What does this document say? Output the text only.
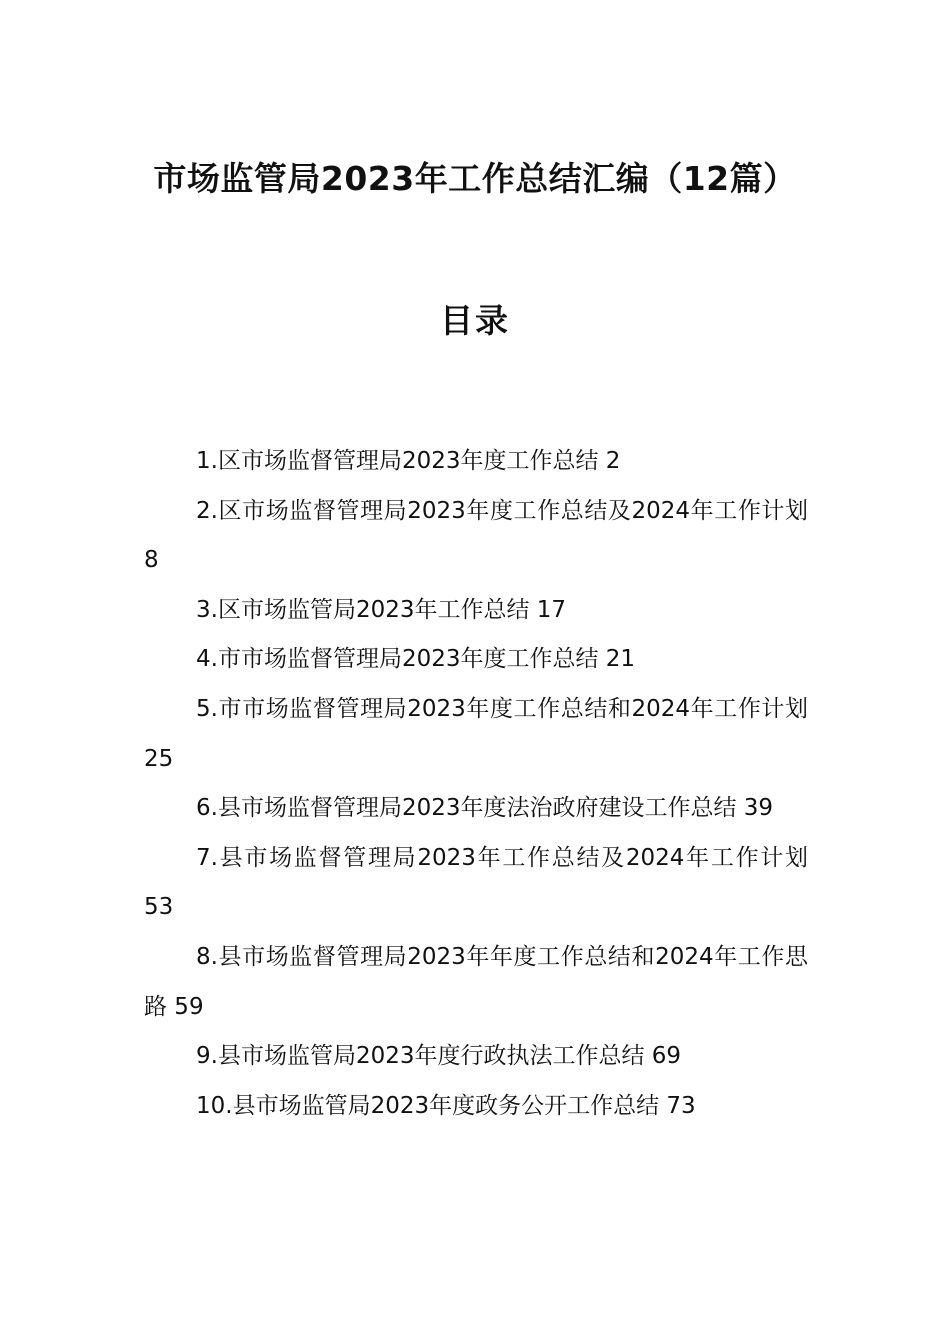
市场监管局2023年工作总结汇编（12篇）
目录
1.区市场监督管理局2023年度工作总结 2
2.区市场监督管理局2023年度工作总结及2024年工作计划 8
3.区市场监管局2023年工作总结 17
4.市市场监督管理局2023年度工作总结 21
5.市市场监督管理局2023年度工作总结和2024年工作计划 25
6.县市场监督管理局2023年度法治政府建设工作总结 39
7.县市场监督管理局2023年工作总结及2024年工作计划 53
8.县市场监督管理局2023年年度工作总结和2024年工作思路 59
9.县市场监管局2023年度行政执法工作总结 69
10.县市场监管局2023年度政务公开工作总结 73
